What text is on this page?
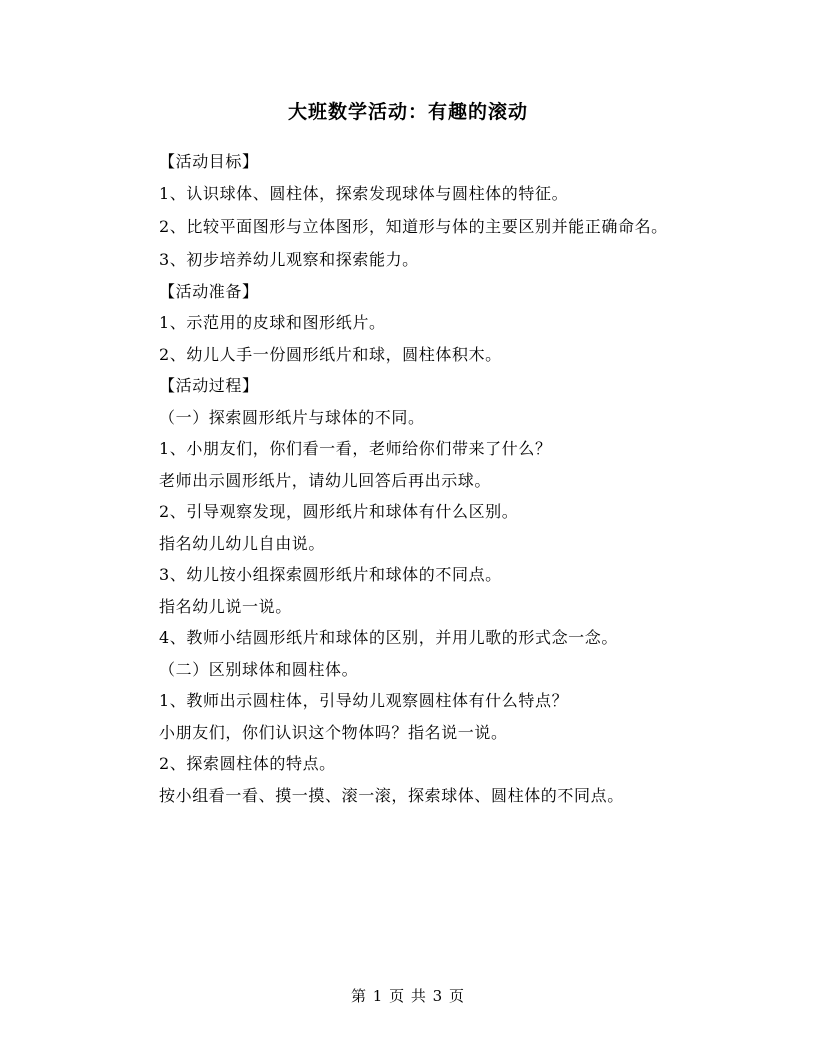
大班数学活动：有趣的滚动

【活动目标】

1、认识球体、圆柱体，探索发现球体与圆柱体的特征。

2、比较平面图形与立体图形，知道形与体的主要区别并能正确命名。

3、初步培养幼儿观察和探索能力。

【活动准备】

1、示范用的皮球和图形纸片。

2、幼儿人手一份圆形纸片和球，圆柱体积木。

【活动过程】

（一）探索圆形纸片与球体的不同。

1、小朋友们，你们看一看，老师给你们带来了什么？

老师出示圆形纸片，请幼儿回答后再出示球。

2、引导观察发现，圆形纸片和球体有什么区别。

指名幼儿幼儿自由说。

3、幼儿按小组探索圆形纸片和球体的不同点。

指名幼儿说一说。

4、教师小结圆形纸片和球体的区别，并用儿歌的形式念一念。

（二）区别球体和圆柱体。

1、教师出示圆柱体，引导幼儿观察圆柱体有什么特点？

小朋友们，你们认识这个物体吗？指名说一说。

2、探索圆柱体的特点。

按小组看一看、摸一摸、滚一滚，探索球体、圆柱体的不同点。

第 1 页 共 3 页
